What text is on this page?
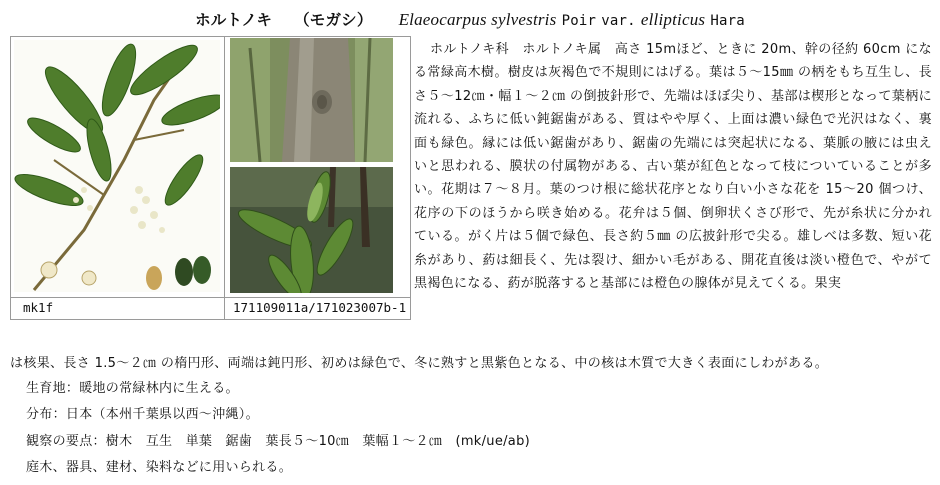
ホルトノキ （モガシ） Elaeocarpus sylvestris Poir var. ellipticus Hara
mk1f	171109011a/171023007b-1

ホルトノキ科　ホルトノキ属　高さ 15mほど、ときに 20m、幹の径約 60cm になる常緑高木樹。樹皮は灰褐色で不規則にはげる。葉は５～15㎜ の柄をもち互生し、長さ５～12㎝・幅１～２㎝ の倒披針形で、先端はほぼ尖り、基部は楔形となって葉柄に流れる、ふちに低い鈍鋸歯がある、質はやや厚く、上面は濃い緑色で光沢はなく、裏面も緑色。縁には低い鋸歯があり、鋸歯の先端には突起状になる、葉脈の腋には虫えいと思われる、膜状の付属物がある、古い葉が紅色となって枝についていることが多い。花期は７～８月。葉のつけ根に総状花序となり白い小さな花を 15～20 個つけ、花序の下のほうから咲き始める。花弁は５個、倒卵状くさび形で、先が糸状に分かれている。がく片は５個で緑色、長さ約５㎜ の広披針形で尖る。雄しべは多数、短い花糸があり、葯は細長く、先は裂け、細かい毛がある、開花直後は淡い橙色で、やがて黒褐色になる、葯が脱落すると基部には橙色の腺体が見えてくる。果実

は核果、長さ 1.5～２㎝ の楕円形、両端は鈍円形、初めは緑色で、冬に熟すと黒紫色となる、中の核は木質で大きく表面にしわがある。

生育地：暖地の常緑林内に生える。

分布：日本（本州千葉県以西～沖縄）。

観察の要点：樹木　互生　単葉　鋸歯　葉長５～10㎝　葉幅１～２㎝　(mk/ue/ab)

庭木、器具、建材、染料などに用いられる。
